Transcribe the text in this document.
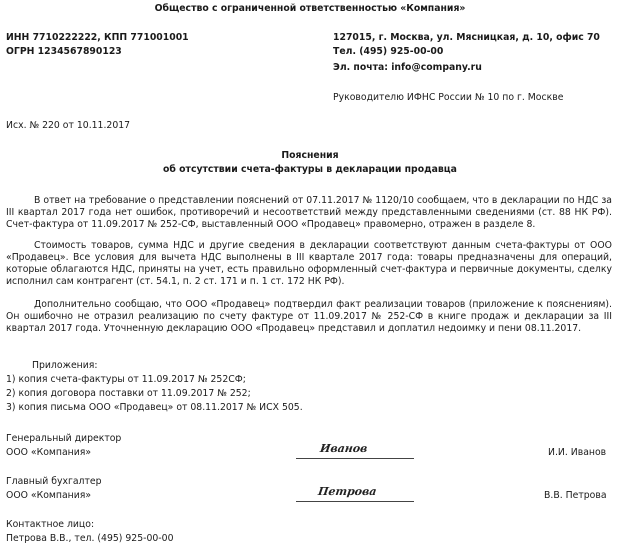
Общество с ограниченной ответственностью «Компания»
ИНН 7710222222, КПП 771001001
ОГРН 1234567890123
127015, г. Москва, ул. Мясницкая, д. 10, офис 70
Тел. (495) 925-00-00
Эл. почта: info@company.ru
Руководителю ИФНС России № 10 по г. Москве
Исх. № 220 от 10.11.2017
Пояснения
об отсутствии счета-фактуры в декларации продавца
В ответ на требование о представлении пояснений от 07.11.2017 № 1120/10 сообщаем, что в декларации по НДС за III квартал 2017 года нет ошибок, противоречий и несоответствий между представленными сведениями (ст. 88 НК РФ). Счет-фактура от 11.09.2017 № 252-СФ, выставленный ООО «Продавец» правомерно, отражен в разделе 8.
Стоимость товаров, сумма НДС и другие сведения в декларации соответствуют данным счета-фактуры от ООО «Продавец». Все условия для вычета НДС выполнены в III квартале 2017 года: товары предназначены для операций, которые облагаются НДС, приняты на учет, есть правильно оформленный счет-фактура и первичные документы, сделку исполнил сам контрагент (ст. 54.1, п. 2 ст. 171 и п. 1 ст. 172 НК РФ).
Дополнительно сообщаю, что ООО «Продавец» подтвердил факт реализации товаров (приложение к пояснениям). Он ошибочно не отразил реализацию по счету фактуре от 11.09.2017 № 252-СФ в книге продаж и декларации за III квартал 2017 года. Уточненную декларацию ООО «Продавец» представил и доплатил недоимку и пени 08.11.2017.
Приложения:
1) копия счета-фактуры от 11.09.2017 № 252СФ;
2) копия договора поставки от 11.09.2017 № 252;
3) копия письма ООО «Продавец» от 08.11.2017 № ИСХ 505.
Генеральный директор
ООО «Компания»	Иванов	И.И. Иванов
Главный бухгалтер
ООО «Компания»	Петрова	В.В. Петрова
Контактное лицо:
Петрова В.В., тел. (495) 925-00-00
